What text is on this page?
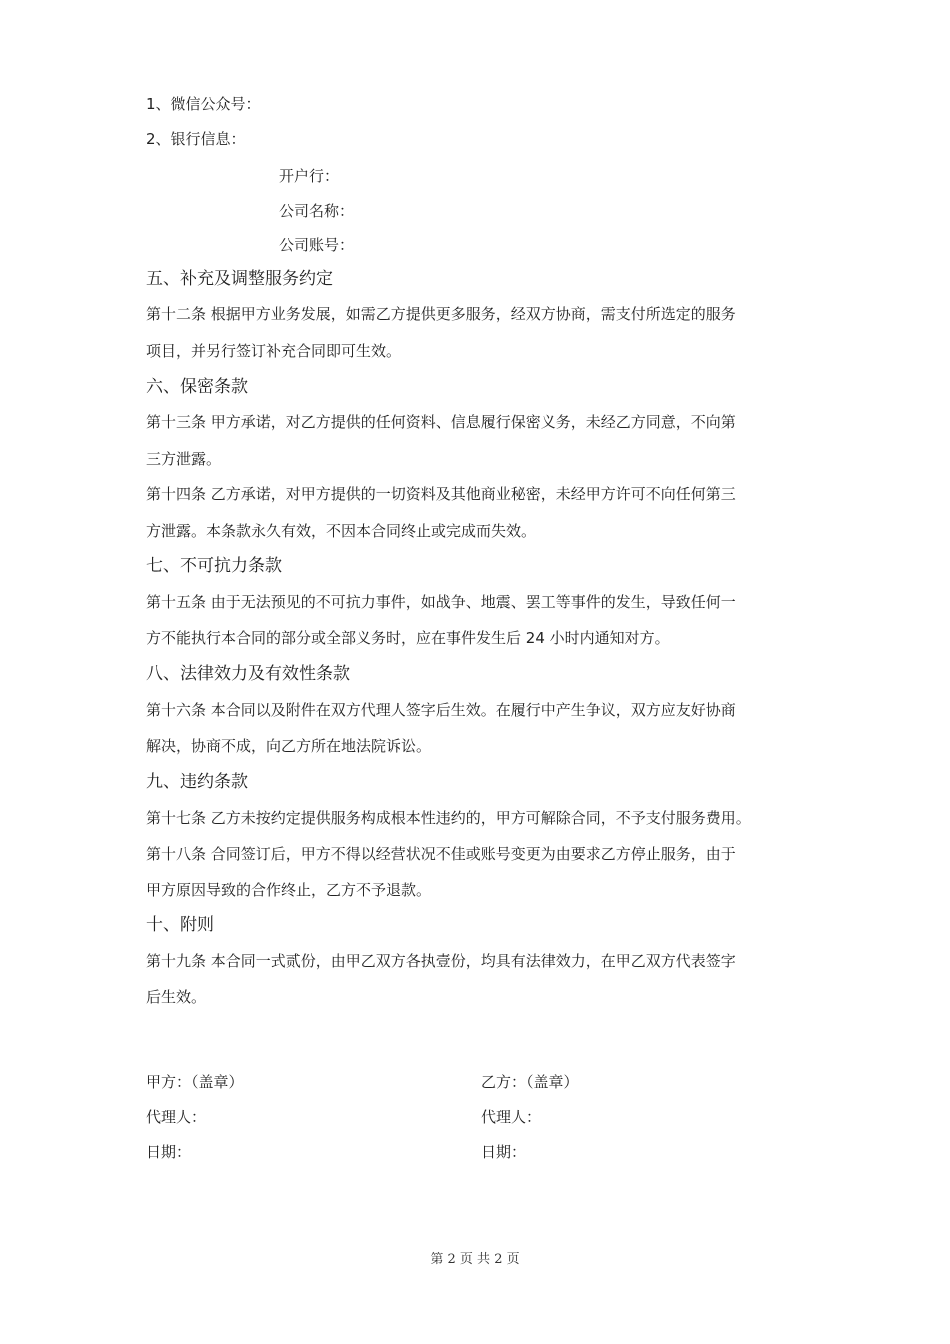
1、微信公众号：
2、银行信息：
开户行：
公司名称：
公司账号：
五、补充及调整服务约定
第十二条 根据甲方业务发展，如需乙方提供更多服务，经双方协商，需支付所选定的服务
项目，并另行签订补充合同即可生效。
六、保密条款
第十三条 甲方承诺，对乙方提供的任何资料、信息履行保密义务，未经乙方同意，不向第
三方泄露。
第十四条 乙方承诺，对甲方提供的一切资料及其他商业秘密，未经甲方许可不向任何第三
方泄露。本条款永久有效，不因本合同终止或完成而失效。
七、不可抗力条款
第十五条 由于无法预见的不可抗力事件，如战争、地震、罢工等事件的发生，导致任何一
方不能执行本合同的部分或全部义务时，应在事件发生后 24 小时内通知对方。
八、法律效力及有效性条款
第十六条 本合同以及附件在双方代理人签字后生效。在履行中产生争议，双方应友好协商
解决，协商不成，向乙方所在地法院诉讼。
九、违约条款
第十七条 乙方未按约定提供服务构成根本性违约的，甲方可解除合同，不予支付服务费用。
第十八条 合同签订后，甲方不得以经营状况不佳或账号变更为由要求乙方停止服务，由于
甲方原因导致的合作终止，乙方不予退款。
十、附则
第十九条 本合同一式贰份，由甲乙双方各执壹份，均具有法律效力，在甲乙双方代表签字
后生效。
甲方：（盖章）	乙方：（盖章）
代理人：	代理人：
日期：	日期：
第 2 页 共 2 页
